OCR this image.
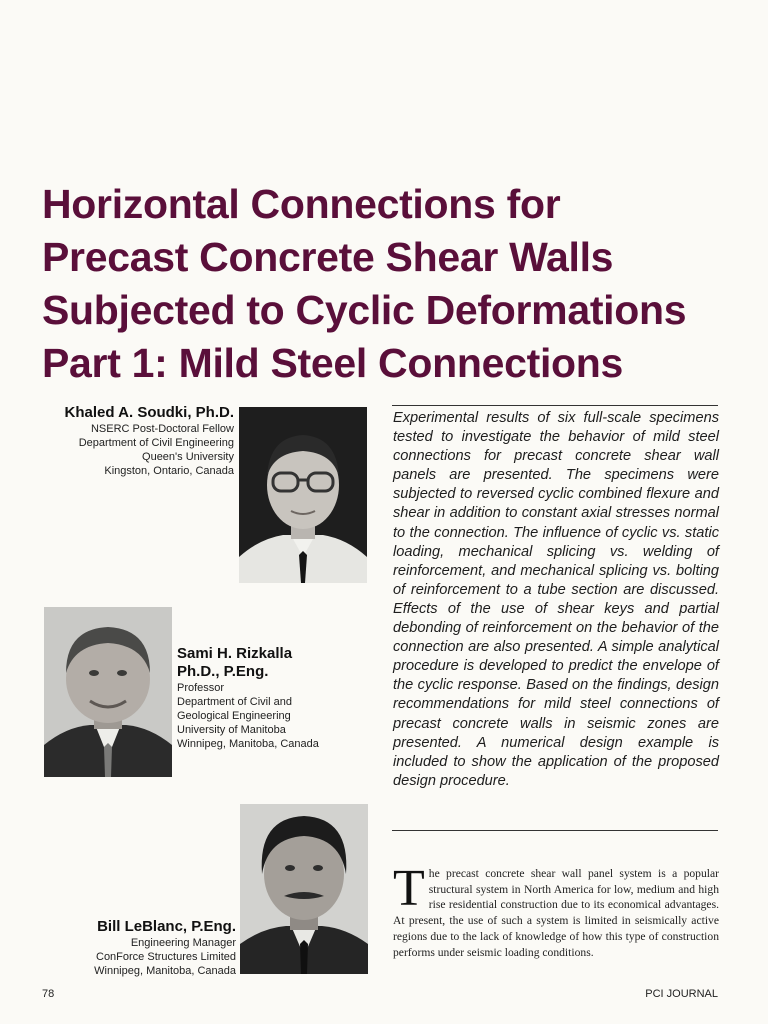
Horizontal Connections for
Precast Concrete Shear Walls
Subjected to Cyclic Deformations
Part 1: Mild Steel Connections
Khaled A. Soudki, Ph.D.
NSERC Post-Doctoral Fellow
Department of Civil Engineering
Queen's University
Kingston, Ontario, Canada
Sami H. Rizkalla
Ph.D., P.Eng.
Professor
Department of Civil and
Geological Engineering
University of Manitoba
Winnipeg, Manitoba, Canada
Bill LeBlanc, P.Eng.
Engineering Manager
ConForce Structures Limited
Winnipeg, Manitoba, Canada

Experimental results of six full-scale specimens tested to investigate the behavior of mild steel connections for precast concrete shear wall panels are presented. The specimens were subjected to reversed cyclic combined flexure and shear in addition to constant axial stresses normal to the connection. The influence of cyclic vs. static loading, mechanical splicing vs. welding of reinforcement, and mechanical splicing vs. bolting of reinforcement to a tube section are discussed. Effects of the use of shear keys and partial debonding of reinforcement on the behavior of the connection are also presented. A simple analytical procedure is developed to predict the envelope of the cyclic response. Based on the findings, design recommendations for mild steel connections of precast concrete walls in seismic zones are presented. A numerical design example is included to show the application of the proposed design procedure.

The precast concrete shear wall panel system is a popular structural system in North America for low, medium and high rise residential construction due to its economical advantages. At present, the use of such a system is limited in seismically active regions due to the lack of knowledge of how this type of construction performs under seismic loading conditions.

78	PCI JOURNAL
